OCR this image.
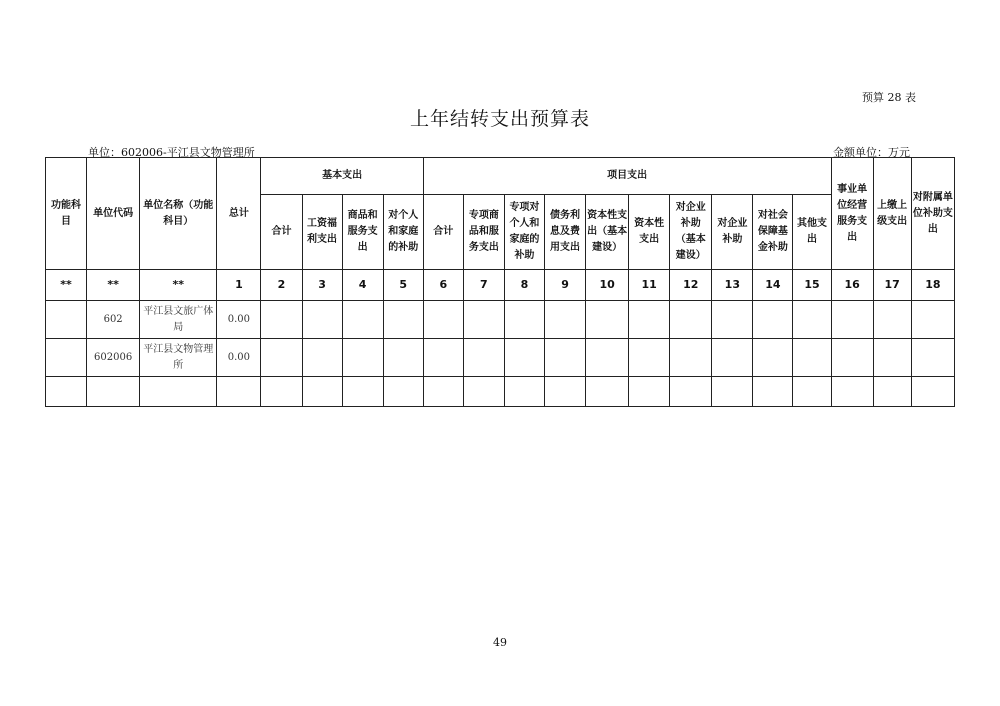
预算 28 表
上年结转支出预算表
单位：602006-平江县文物管理所	金额单位：万元
功能科目	单位代码	单位名称（功能科目）	总计	基本支出				项目支出										事业单位经营服务支出	上缴上级支出	对附属单位补助支出
				合计	工资福利支出	商品和服务支出	对个人和家庭的补助	合计	专项商品和服务支出	专项对个人和家庭的补助	债务利息及费用支出	资本性支出（基本建设）	资本性支出	对企业补助（基本建设）	对企业补助	对社会保障基金补助	其他支出			
**	**	**	1	2	3	4	5	6	7	8	9	10	11	12	13	14	15	16	17	18
	602	平江县文旅广体局	0.00																	
	602006	平江县文物管理所	0.00																	

49
